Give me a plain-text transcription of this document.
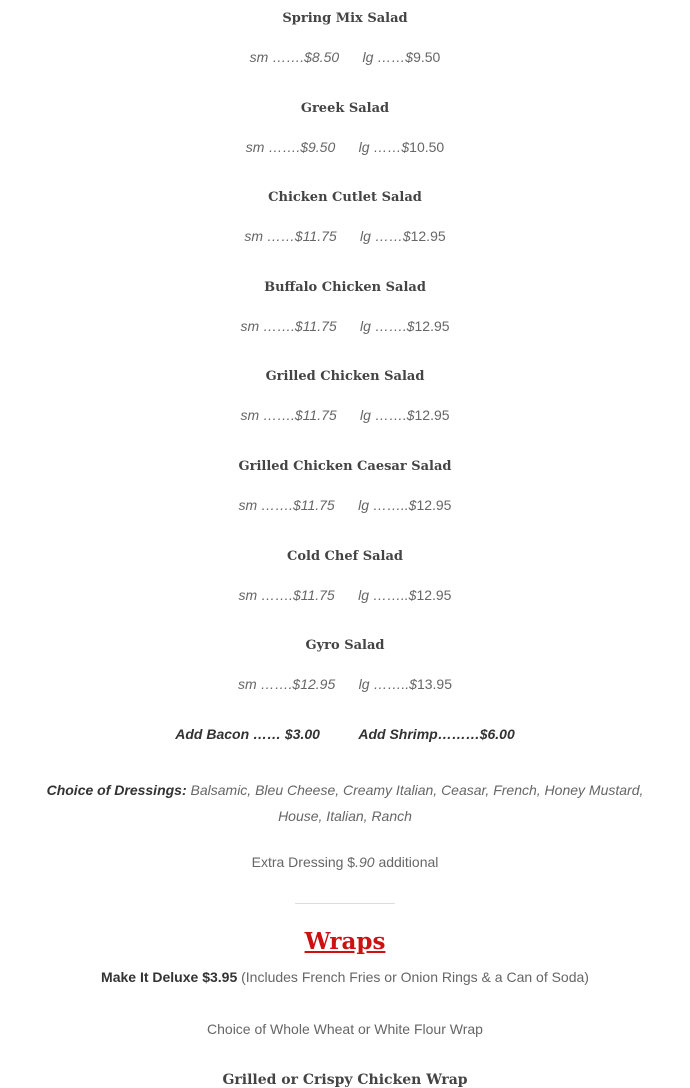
Spring Mix Salad
sm …….$8.50 lg ……$9.50
Greek Salad
sm …….$9.50 lg ……$10.50
Chicken Cutlet Salad
sm ……$11.75 lg ……$12.95
Buffalo Chicken Salad
sm …….$11.75 lg …….$12.95
Grilled Chicken Salad
sm …….$11.75 lg …….$12.95
Grilled Chicken Caesar Salad
sm …….$11.75 lg ……..$12.95
Cold Chef Salad
sm …….$11.75 lg ……..$12.95
Gyro Salad
sm …….$12.95 lg ……..$13.95
Add Bacon …… $3.00	Add Shrimp………$6.00
Choice of Dressings: Balsamic, Bleu Cheese, Creamy Italian, Ceasar, French, Honey Mustard, House, Italian, Ranch
Extra Dressing $.90 additional
Wraps
Make It Deluxe $3.95 (Includes French Fries or Onion Rings & a Can of Soda)
Choice of Whole Wheat or White Flour Wrap
Grilled or Crispy Chicken Wrap
